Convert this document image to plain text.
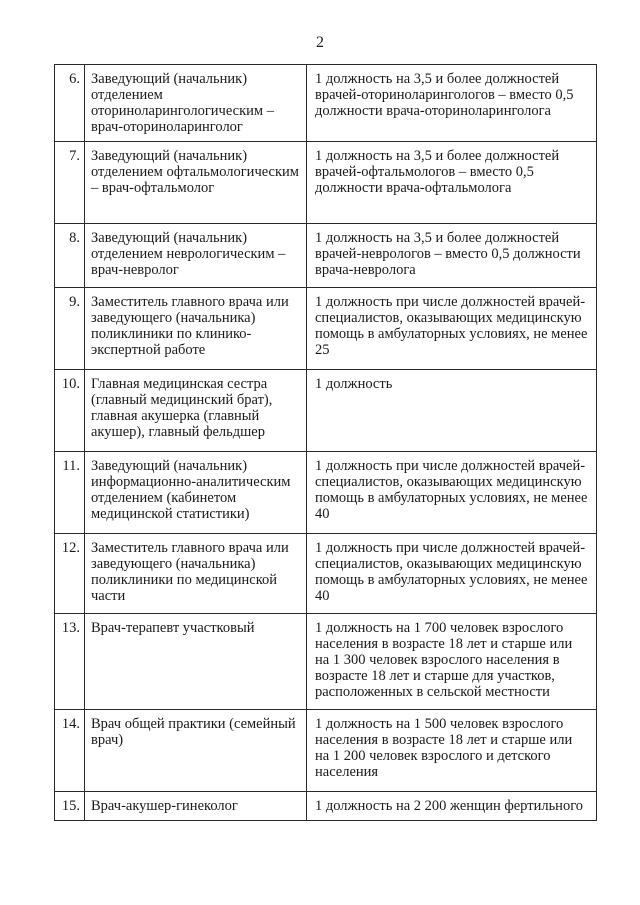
2
6.	Заведующий (начальник) отделением оториноларингологическим – врач-оториноларинголог	1 должность на 3,5 и более должностей врачей-оториноларингологов – вместо 0,5 должности врача-оториноларинголога
7.	Заведующий (начальник) отделением офтальмологическим – врач-офтальмолог	1 должность на 3,5 и более должностей врачей-офтальмологов – вместо 0,5 должности врача-офтальмолога
8.	Заведующий (начальник) отделением неврологическим – врач-невролог	1 должность на 3,5 и более должностей врачей-неврологов – вместо 0,5 должности врача-невролога
9.	Заместитель главного врача или заведующего (начальника) поликлиники по клинико-экспертной работе	1 должность при числе должностей врачей-специалистов, оказывающих медицинскую помощь в амбулаторных условиях, не менее 25
10.	Главная медицинская сестра (главный медицинский брат), главная акушерка (главный акушер), главный фельдшер	1 должность
11.	Заведующий (начальник) информационно-аналитическим отделением (кабинетом медицинской статистики)	1 должность при числе должностей врачей-специалистов, оказывающих медицинскую помощь в амбулаторных условиях, не менее 40
12.	Заместитель главного врача или заведующего (начальника) поликлиники по медицинской части	1 должность при числе должностей врачей-специалистов, оказывающих медицинскую помощь в амбулаторных условиях, не менее 40
13.	Врач-терапевт участковый	1 должность на 1 700 человек взрослого населения в возрасте 18 лет и старше или на 1 300 человек взрослого населения в возрасте 18 лет и старше для участков, расположенных в сельской местности
14.	Врач общей практики (семейный врач)	1 должность на 1 500 человек взрослого населения в возрасте 18 лет и старше или на 1 200 человек взрослого и детского населения
15.	Врач-акушер-гинеколог	1 должность на 2 200 женщин фертильного
